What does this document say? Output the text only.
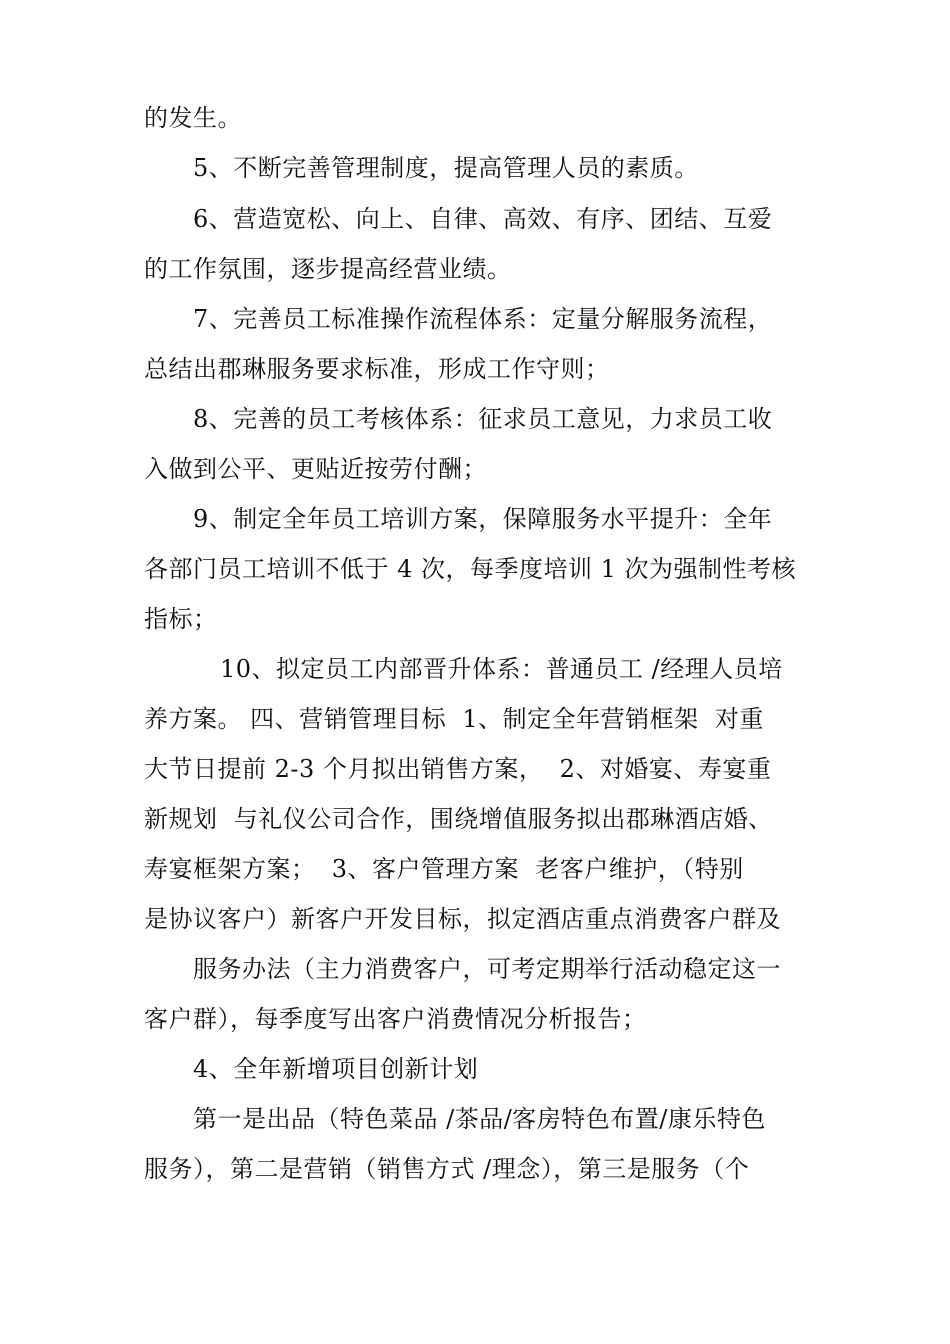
的发生。
5、不断完善管理制度，提高管理人员的素质。
6、营造宽松、向上、自律、高效、有序、团结、互爱
的工作氛围，逐步提高经营业绩。
7、完善员工标准操作流程体系：定量分解服务流程，
总结出郡琳服务要求标准，形成工作守则；
8、完善的员工考核体系：征求员工意见，力求员工收
入做到公平、更贴近按劳付酬；
9、制定全年员工培训方案，保障服务水平提升：全年
各部门员工培训不低于 4 次，每季度培训 1 次为强制性考核
指标；
10、拟定员工内部晋升体系：普通员工 /经理人员培
养方案。 四、营销管理目标  1、制定全年营销框架  对重
大节日提前 2-3 个月拟出销售方案，  2、对婚宴、寿宴重
新规划  与礼仪公司合作，围绕增值服务拟出郡琳酒店婚、
寿宴框架方案；  3、客户管理方案  老客户维护，（特别
是协议客户）新客户开发目标，拟定酒店重点消费客户群及
服务办法（主力消费客户，可考定期举行活动稳定这一
客户群），每季度写出客户消费情况分析报告；
4、全年新增项目创新计划
第一是出品（特色菜品 /茶品/客房特色布置/康乐特色
服务），第二是营销（销售方式 /理念），第三是服务（个
